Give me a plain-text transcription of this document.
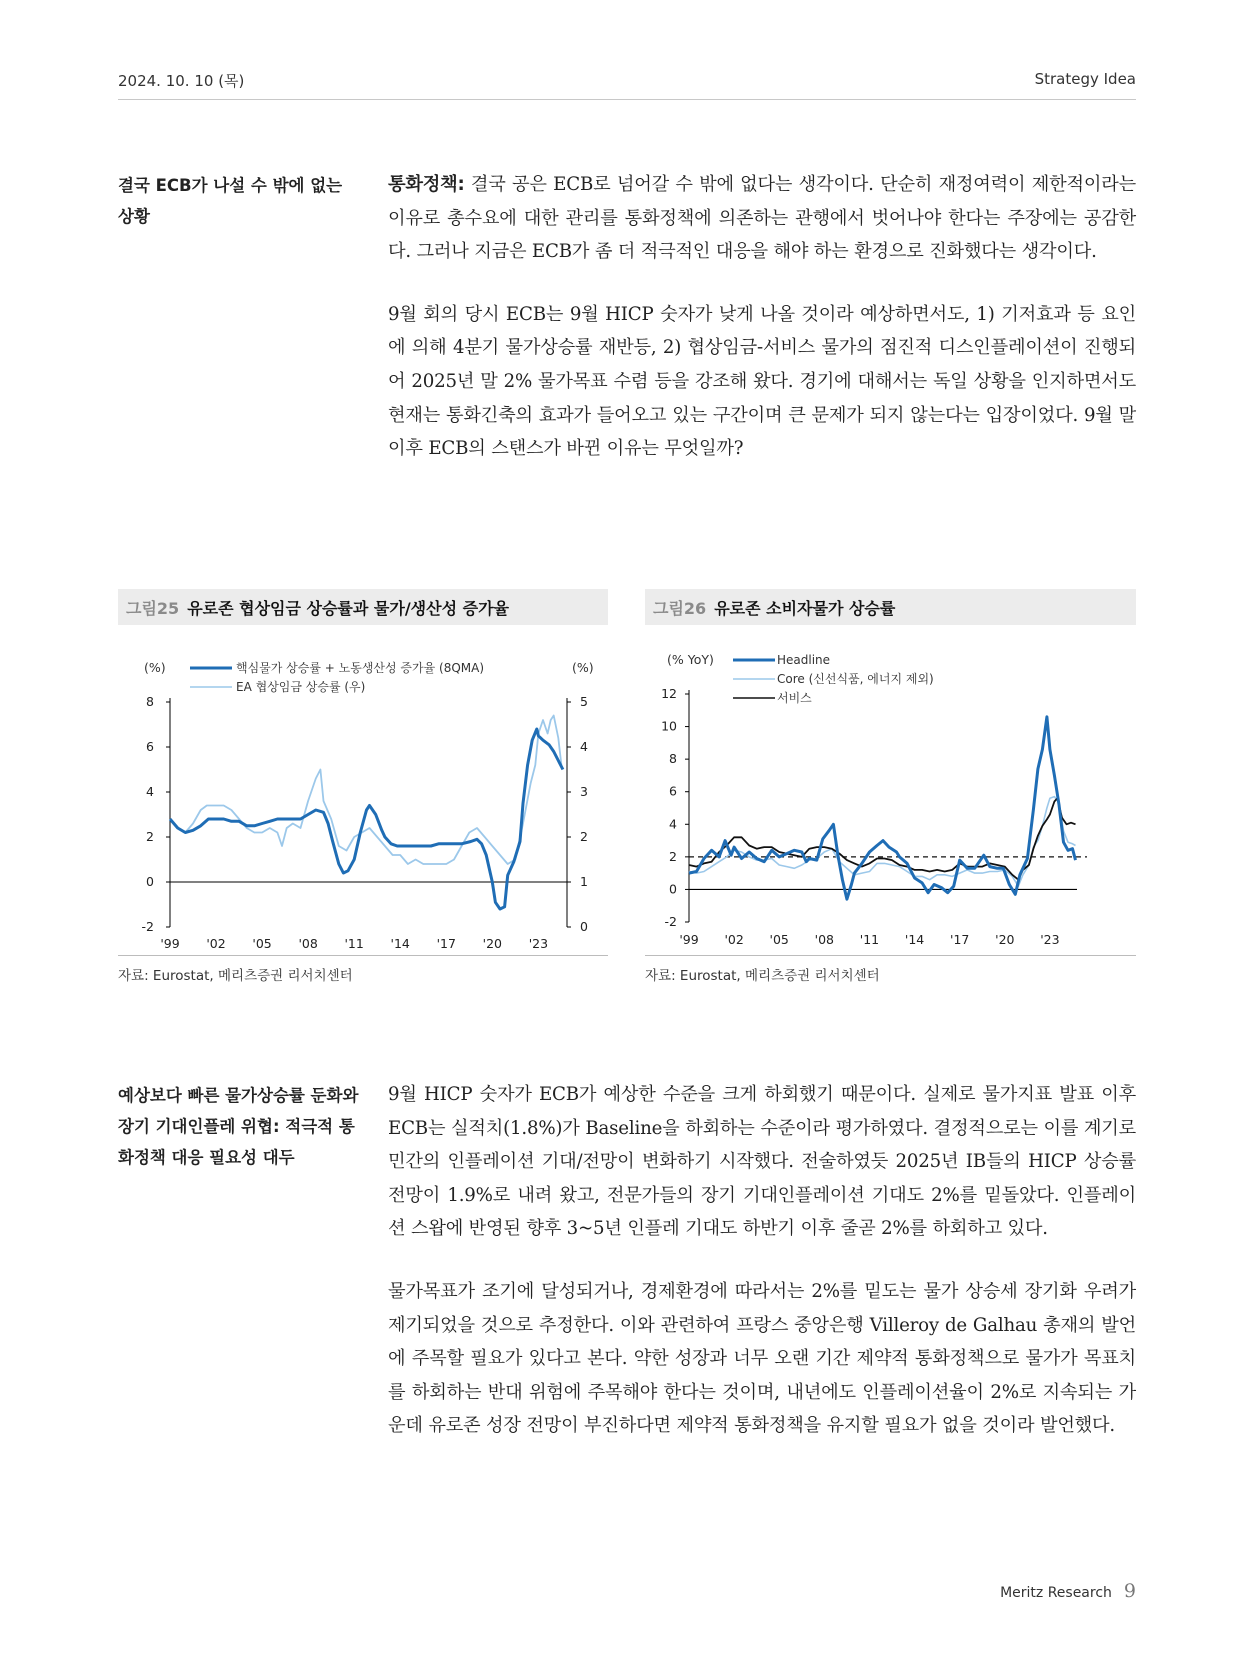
2024. 10. 10 (목)	Strategy Idea
결국 ECB가 나설 수 밖에 없는 상황

통화정책: 결국 공은 ECB로 넘어갈 수 밖에 없다는 생각이다. 단순히 재정여력이 제한적이라는 이유로 총수요에 대한 관리를 통화정책에 의존하는 관행에서 벗어나야 한다는 주장에는 공감한다. 그러나 지금은 ECB가 좀 더 적극적인 대응을 해야 하는 환경으로 진화했다는 생각이다.

9월 회의 당시 ECB는 9월 HICP 숫자가 낮게 나올 것이라 예상하면서도, 1) 기저효과 등 요인에 의해 4분기 물가상승률 재반등, 2) 협상임금-서비스 물가의 점진적 디스인플레이션이 진행되어 2025년 말 2% 물가목표 수렴 등을 강조해 왔다. 경기에 대해서는 독일 상황을 인지하면서도 현재는 통화긴축의 효과가 들어오고 있는 구간이며 큰 문제가 되지 않는다는 입장이었다. 9월 말 이후 ECB의 스탠스가 바뀐 이유는 무엇일까?

그림25 유로존 협상임금 상승률과 물가/생산성 증가율
(%)	(%)
핵심물가 상승률 + 노동생산성 증가율 (8QMA)
EA 협상임금 상승률 (우)
8
6
4
2
0
-2
5
4
3
2
1
0
'99 '02 '05 '08 '11 '14 '17 '20 '23
자료: Eurostat, 메리츠증권 리서치센터
그림26 유로존 소비자물가 상승률
(% YoY)	Headline
Core (신선식품, 에너지 제외)
서비스
12
10
8
6
4
2
0
-2
'99 '02 '05 '08 '11 '14 '17 '20 '23
자료: Eurostat, 메리츠증권 리서치센터
예상보다 빠른 물가상승률 둔화와 장기 기대인플레 위협: 적극적 통화정책 대응 필요성 대두

9월 HICP 숫자가 ECB가 예상한 수준을 크게 하회했기 때문이다. 실제로 물가지표 발표 이후 ECB는 실적치(1.8%)가 Baseline을 하회하는 수준이라 평가하였다. 결정적으로는 이를 계기로 민간의 인플레이션 기대/전망이 변화하기 시작했다. 전술하였듯 2025년 IB들의 HICP 상승률 전망이 1.9%로 내려 왔고, 전문가들의 장기 기대인플레이션 기대도 2%를 밑돌았다. 인플레이션 스왑에 반영된 향후 3~5년 인플레 기대도 하반기 이후 줄곧 2%를 하회하고 있다.

물가목표가 조기에 달성되거나, 경제환경에 따라서는 2%를 밑도는 물가 상승세 장기화 우려가 제기되었을 것으로 추정한다. 이와 관련하여 프랑스 중앙은행 Villeroy de Galhau 총재의 발언에 주목할 필요가 있다고 본다. 약한 성장과 너무 오랜 기간 제약적 통화정책으로 물가가 목표치를 하회하는 반대 위험에 주목해야 한다는 것이며, 내년에도 인플레이션율이 2%로 지속되는 가운데 유로존 성장 전망이 부진하다면 제약적 통화정책을 유지할 필요가 없을 것이라 발언했다.

Meritz Research 9
